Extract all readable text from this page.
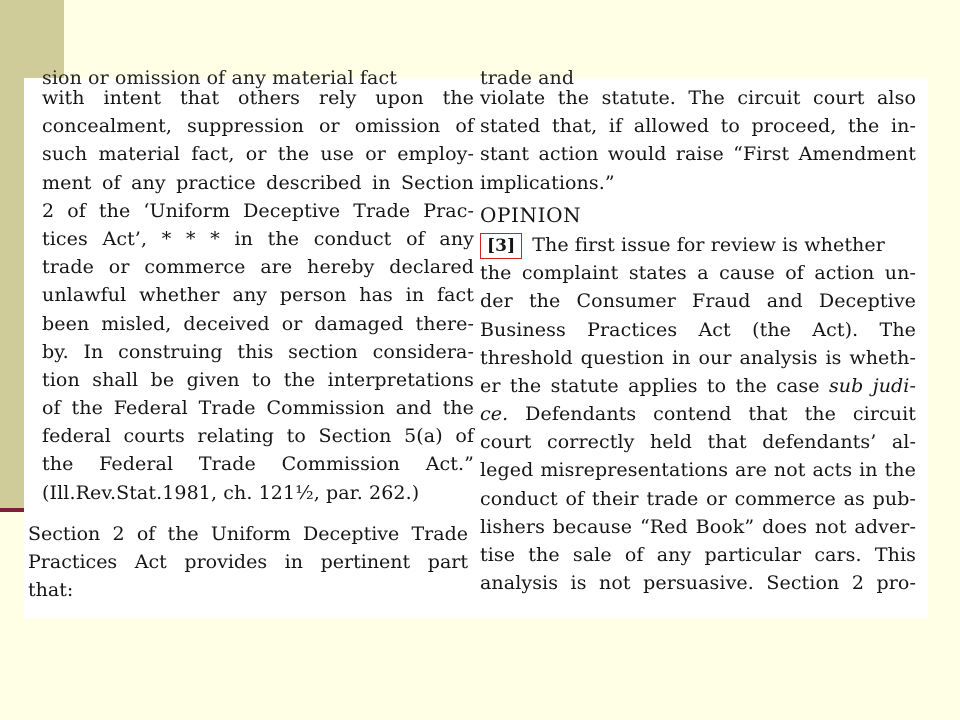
sion or omission of any material fact
with intent that others rely upon the
concealment, suppression or omission of
such material fact, or the use or employ-
ment of any practice described in Section
2 of the ‘Uniform Deceptive Trade Prac-
tices Act’, * * * in the conduct of any
trade or commerce are hereby declared
unlawful whether any person has in fact
been misled, deceived or damaged there-
by. In construing this section considera-
tion shall be given to the interpretations
of the Federal Trade Commission and the
federal courts relating to Section 5(a) of
the Federal Trade Commission Act.”
(Ill.Rev.Stat.1981, ch. 121½, par. 262.)
Section 2 of the Uniform Deceptive Trade
Practices Act provides in pertinent part
that:
trade and
violate the statute. The circuit court also
stated that, if allowed to proceed, the in-
stant action would raise “First Amendment
implications.”
OPINION
[3] The first issue for review is whether
the complaint states a cause of action un-
der the Consumer Fraud and Deceptive
Business Practices Act (the Act). The
threshold question in our analysis is wheth-
er the statute applies to the case sub judi-
ce. Defendants contend that the circuit
court correctly held that defendants’ al-
leged misrepresentations are not acts in the
conduct of their trade or commerce as pub-
lishers because “Red Book” does not adver-
tise the sale of any particular cars. This
analysis is not persuasive. Section 2 pro-
